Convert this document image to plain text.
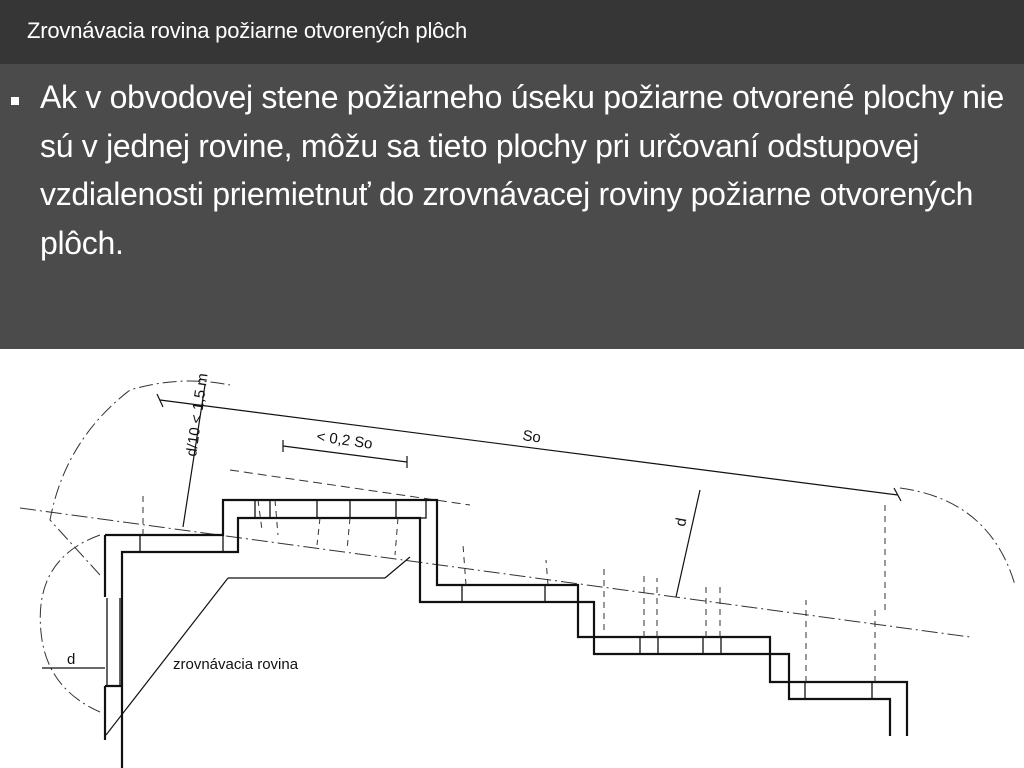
Zrovnávacia rovina požiarne otvorených plôch
Ak v obvodovej stene požiarneho úseku požiarne otvorené plochy nie sú v jednej rovine, môžu sa tieto plochy pri určovaní odstupovej vzdialenosti priemietnuť do zrovnávacej roviny požiarne otvorených plôch.
d/10 < 1,5 m	< 0,2 So	So
d
d	zrovnávacia rovina
